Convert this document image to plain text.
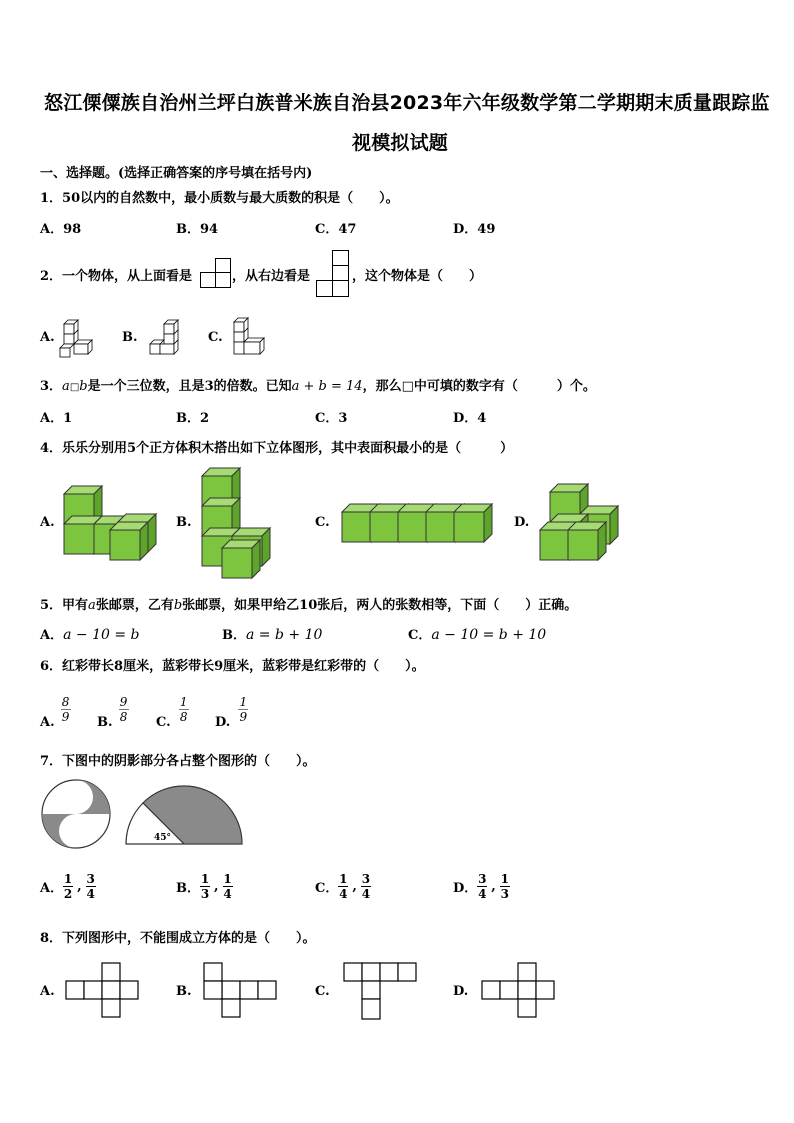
怒江傈僳族自治州兰坪白族普米族自治县2023年六年级数学第二学期期末质量跟踪监
视模拟试题
一、选择题。(选择正确答案的序号填在括号内)
1．50以内的自然数中，最小质数与最大质数的积是（　　）。
A．98	B．94	C．47	D．49
2．一个物体，从上面看是	，从右边看是	，这个物体是（　　）
A.	B.	C.
3．a□b是一个三位数，且是3的倍数。已知a + b = 14，那么□中可填的数字有（　　　）个。
A．1	B．2	C．3	D．4
4．乐乐分别用5个正方体积木搭出如下立体图形，其中表面积最小的是（　　　）
A.	B.	C.	D.
5．甲有a张邮票，乙有b张邮票，如果甲给乙10张后，两人的张数相等，下面（　　）正确。
A．a − 10 = b	B．a = b + 10	C．a − 10 = b + 10
6．红彩带长8厘米，蓝彩带长9厘米，蓝彩带是红彩带的（　　）。
A. $\frac{8}{9} B$. $\frac{9}{8} C$. $\frac{1}{8} D$. $\frac{1}{9}$
7．下图中的阴影部分各占整个图形的（　　）。
45°
A． $\frac{1}{2}$ , $\frac{3}{4}$	B． $\frac{1}{3}$ , $\frac{1}{4}$	C． $\frac{1}{4}$ , $\frac{3}{4}$	D． $\frac{3}{4}$ , $\frac{1}{3}$
8．下列图形中，不能围成立方体的是（　　）。
A.	B.	C.	D.
